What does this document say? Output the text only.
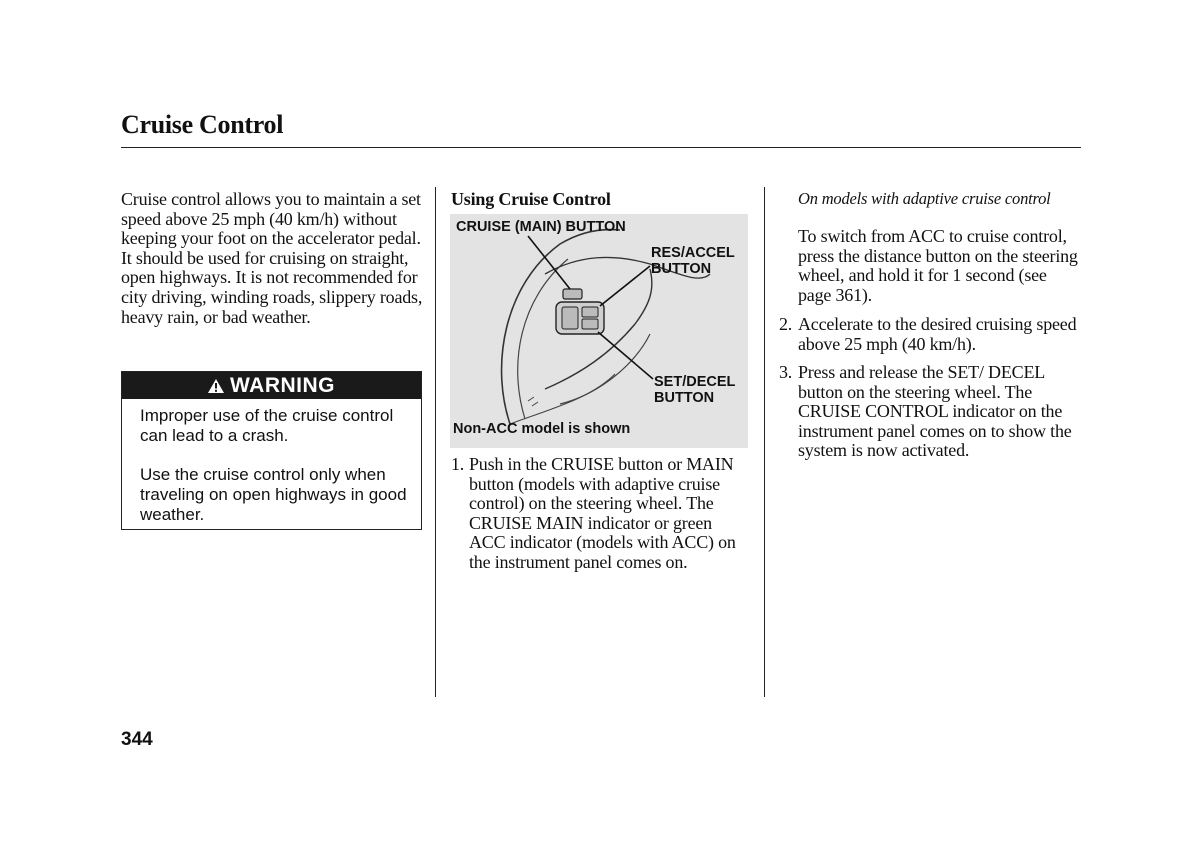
Cruise Control

Cruise control allows you to maintain a set speed above 25 mph (40 km/h) without keeping your foot on the accelerator pedal. It should be used for cruising on straight, open highways. It is not recommended for city driving, winding roads, slippery roads, heavy rain, or bad weather.

WARNING

Improper use of the cruise control can lead to a crash.

Use the cruise control only when traveling on open highways in good weather.

Using Cruise Control

CRUISE (MAIN) BUTTON

RES/ACCEL
BUTTON

SET/DECEL
BUTTON

Non-ACC model is shown

1. Push in the CRUISE button or MAIN button (models with adaptive cruise control) on the steering wheel. The CRUISE MAIN indicator or green ACC indicator (models with ACC) on the instrument panel comes on.

On models with adaptive cruise control

To switch from ACC to cruise control, press the distance button on the steering wheel, and hold it for 1 second (see page 361).

2. Accelerate to the desired cruising speed above 25 mph (40 km/h).

3. Press and release the SET/ DECEL button on the steering wheel. The CRUISE CONTROL indicator on the instrument panel comes on to show the system is now activated.

344
